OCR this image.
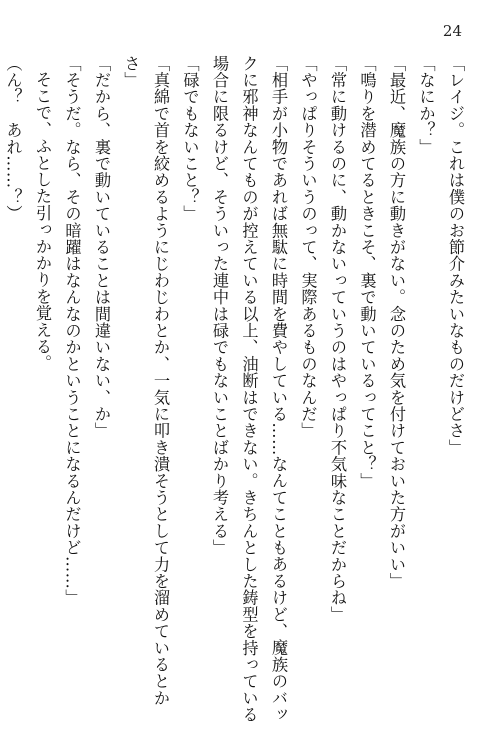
24
「レイジ。これは僕のお節介みたいなものだけどさ」
「なにか？」
「最近、魔族の方に動きがない。念のため気を付けておいた方がいい」
「鳴りを潜めてるときこそ、裏で動いているってこと？」
「常に動けるのに、動かないっていうのはやっぱり不気味なことだからね」
「やっぱりそういうのって、実際あるものなんだ」
「相手が小物であれば無駄に時間を費やしている……なんてこともあるけど、魔族のバッ
クに邪神なんてものが控えている以上、油断はできない。きちんとした鋳型を持っている
場合に限るけど、そういった連中は碌でもないことばかり考える」
「碌でもないこと？」
「真綿で首を絞めるようにじわじわとか、一気に叩き潰そうとして力を溜めているとか
さ」
「だから、裏で動いていることは間違いない、か」
「そうだ。なら、その暗躍はなんなのかということになるんだけど……」
そこで、ふとした引っかかりを覚える。
（ん？　あれ……？）
